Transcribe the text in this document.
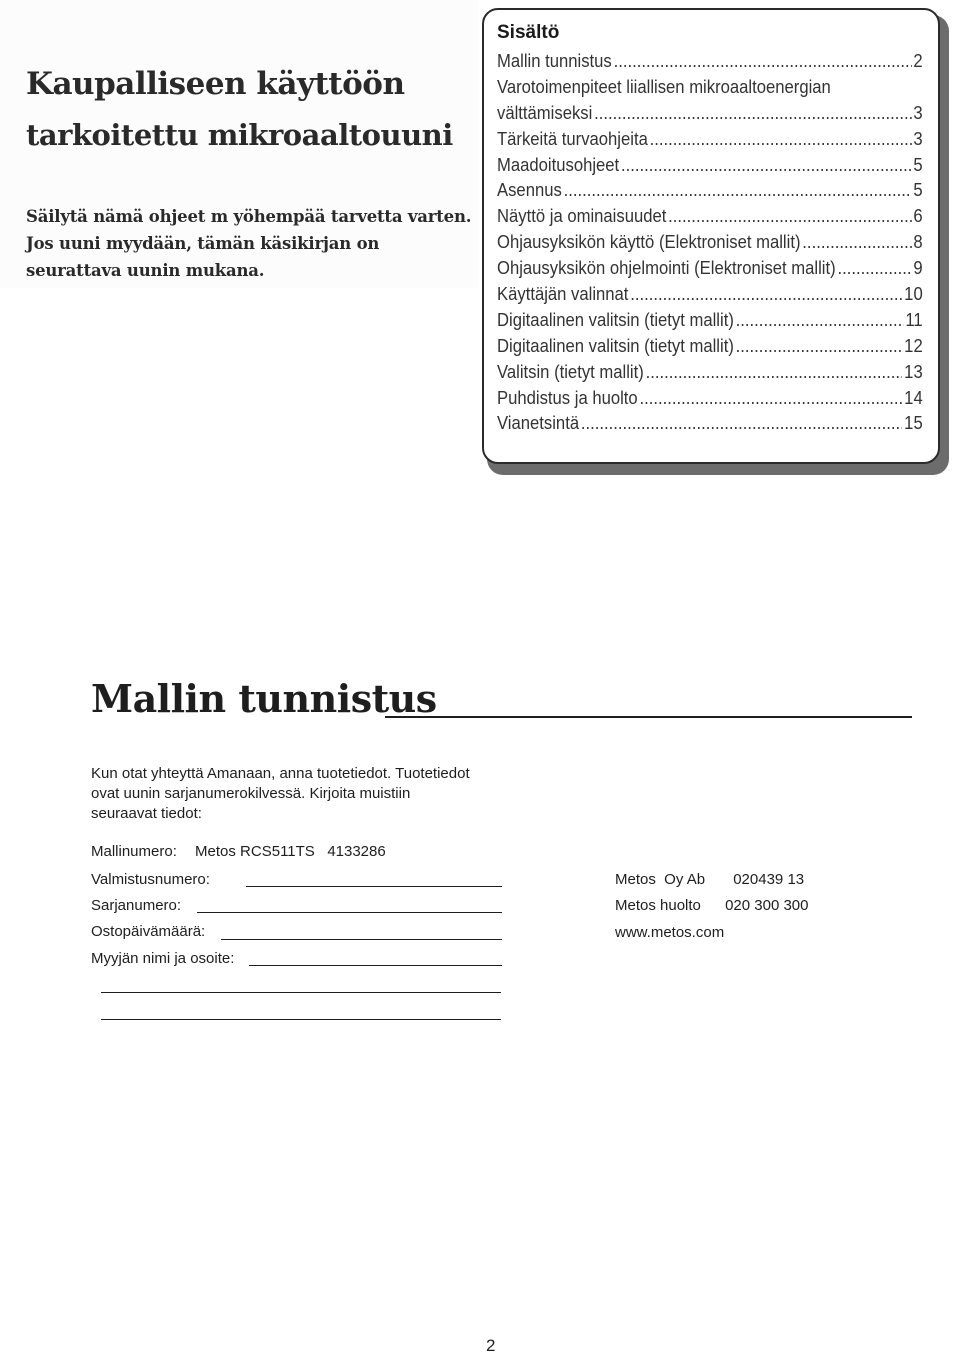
Kaupalliseen käyttöön

tarkoitettu mikroaaltouuni

Säilytä nämä ohjeet m yöhempää tarvetta varten.

Jos uuni myydään, tämän käsikirjan on

seurattava uunin mukana.

Sisältö
Mallin tunnistus .....	2
Varotoimenpiteet liiallisen mikroaaltoenergian
välttämiseksi .....	3
Tärkeitä turvaohjeita .....	3
Maadoitusohjeet .....	5
Asennus .....	5
Näyttö ja ominaisuudet .....	6
Ohjausyksikön käyttö (Elektroniset mallit) .....	8
Ohjausyksikön ohjelmointi (Elektroniset mallit) .....	9
Käyttäjän valinnat .....	10
Digitaalinen valitsin (tietyt mallit) .....	11
Digitaalinen valitsin (tietyt mallit) .....	12
Valitsin (tietyt mallit) .....	13
Puhdistus ja huolto .....	14
Vianetsintä .....	15
Mallin tunnistus

Kun otat yhteyttä Amanaan, anna tuotetiedot. Tuotetiedot
ovat uunin sarjanumerokilvessä. Kirjoita muistiin
seuraavat tiedot:

Mallinumero: Metos RCS511TS   4133286
Valmistusnumero:
Sarjanumero:
Ostopäivämäärä:
Myyjän nimi ja osoite:
Metos  Oy Ab 020439 13
Metos huolto 020 300 300
www.metos.com
2
